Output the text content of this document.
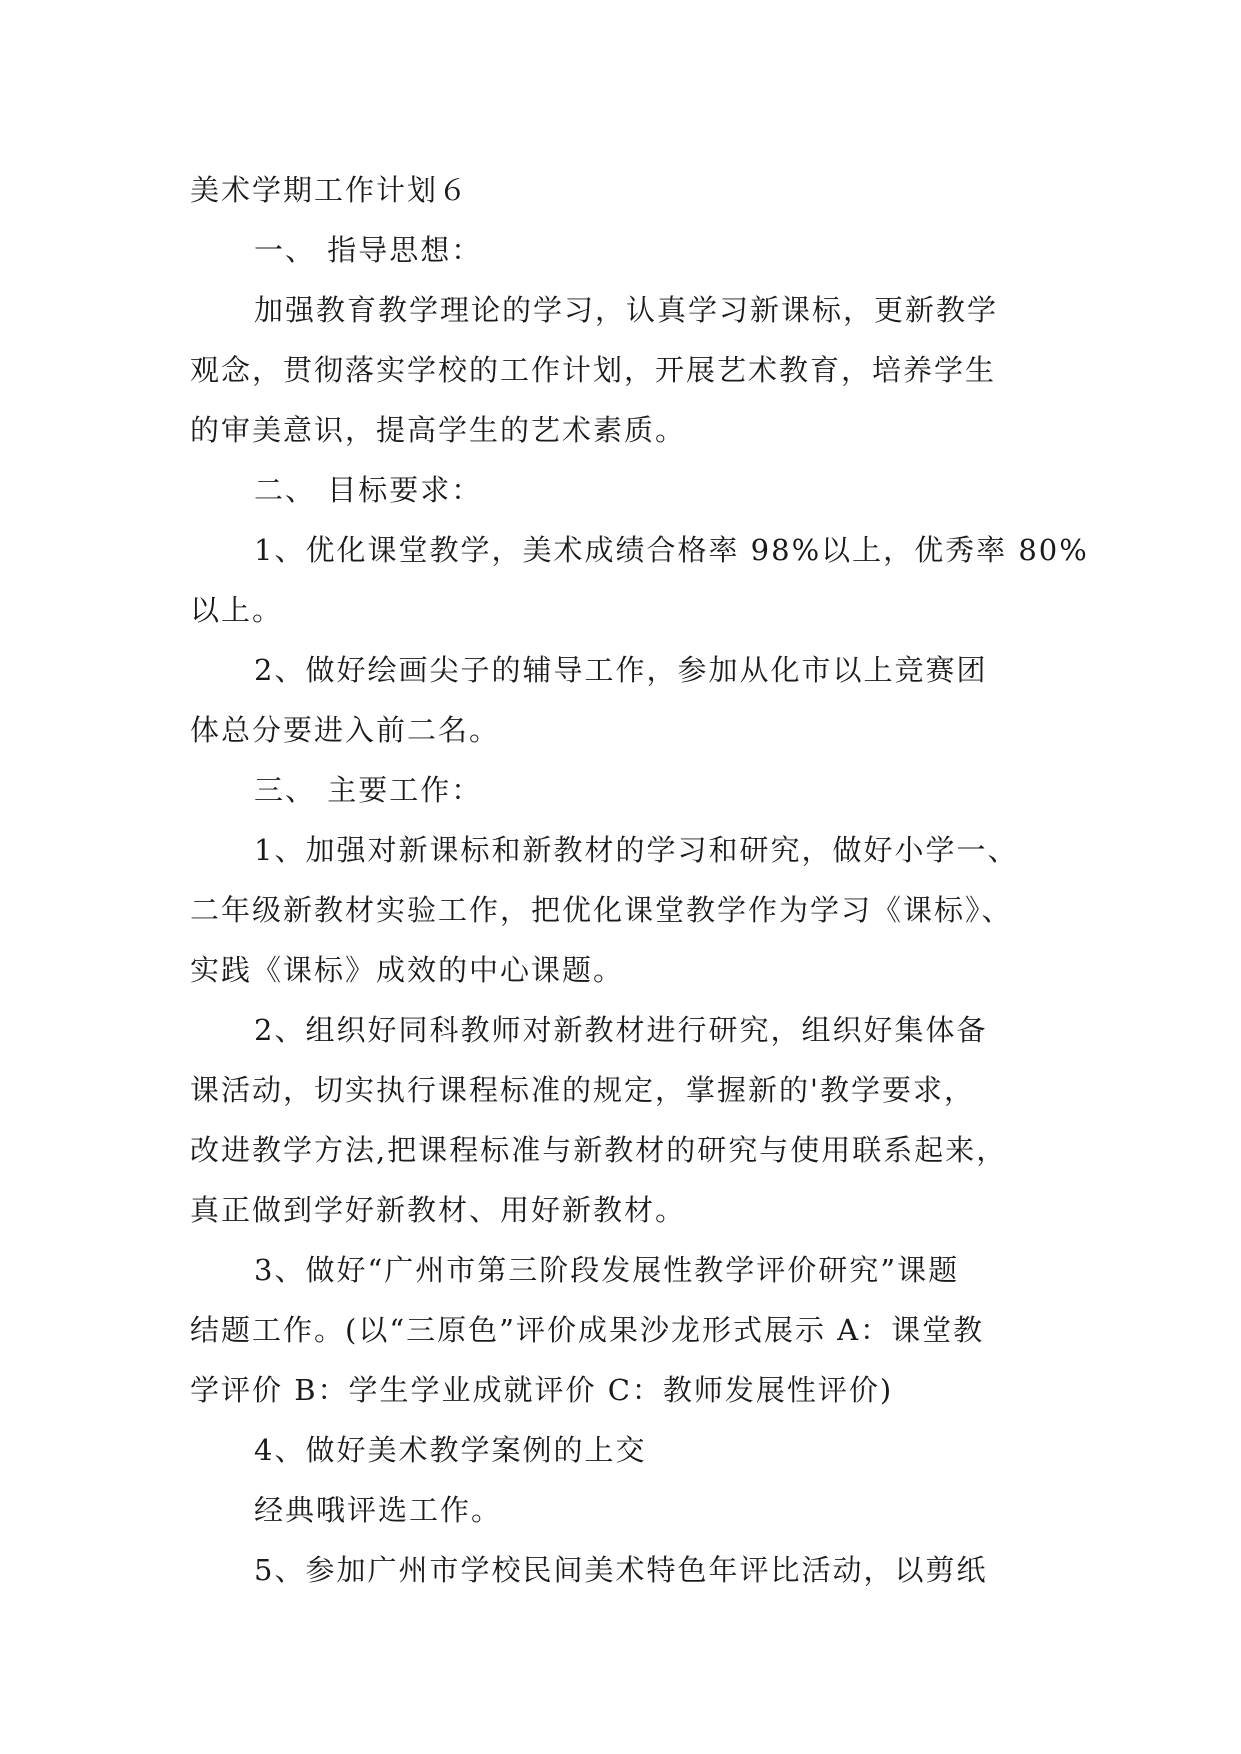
美术学期工作计划６
一、 指导思想：
加强教育教学理论的学习，认真学习新课标，更新教学
观念，贯彻落实学校的工作计划，开展艺术教育，培养学生
的审美意识，提高学生的艺术素质。
二、 目标要求：
1、优化课堂教学，美术成绩合格率 98%以上，优秀率 80%
以上。
2、做好绘画尖子的辅导工作，参加从化市以上竞赛团
体总分要进入前二名。
三、 主要工作：
1、加强对新课标和新教材的学习和研究，做好小学一、
二年级新教材实验工作，把优化课堂教学作为学习《课标》、
实践《课标》成效的中心课题。
2、组织好同科教师对新教材进行研究，组织好集体备
课活动，切实执行课程标准的规定，掌握新的'教学要求，
改进教学方法,把课程标准与新教材的研究与使用联系起来，
真正做到学好新教材、用好新教材。
3、做好“广州市第三阶段发展性教学评价研究”课题
结题工作。(以“三原色”评价成果沙龙形式展示 A：课堂教
学评价 B：学生学业成就评价 C：教师发展性评价)
4、做好美术教学案例的上交
经典哦评选工作。
5、参加广州市学校民间美术特色年评比活动，以剪纸
